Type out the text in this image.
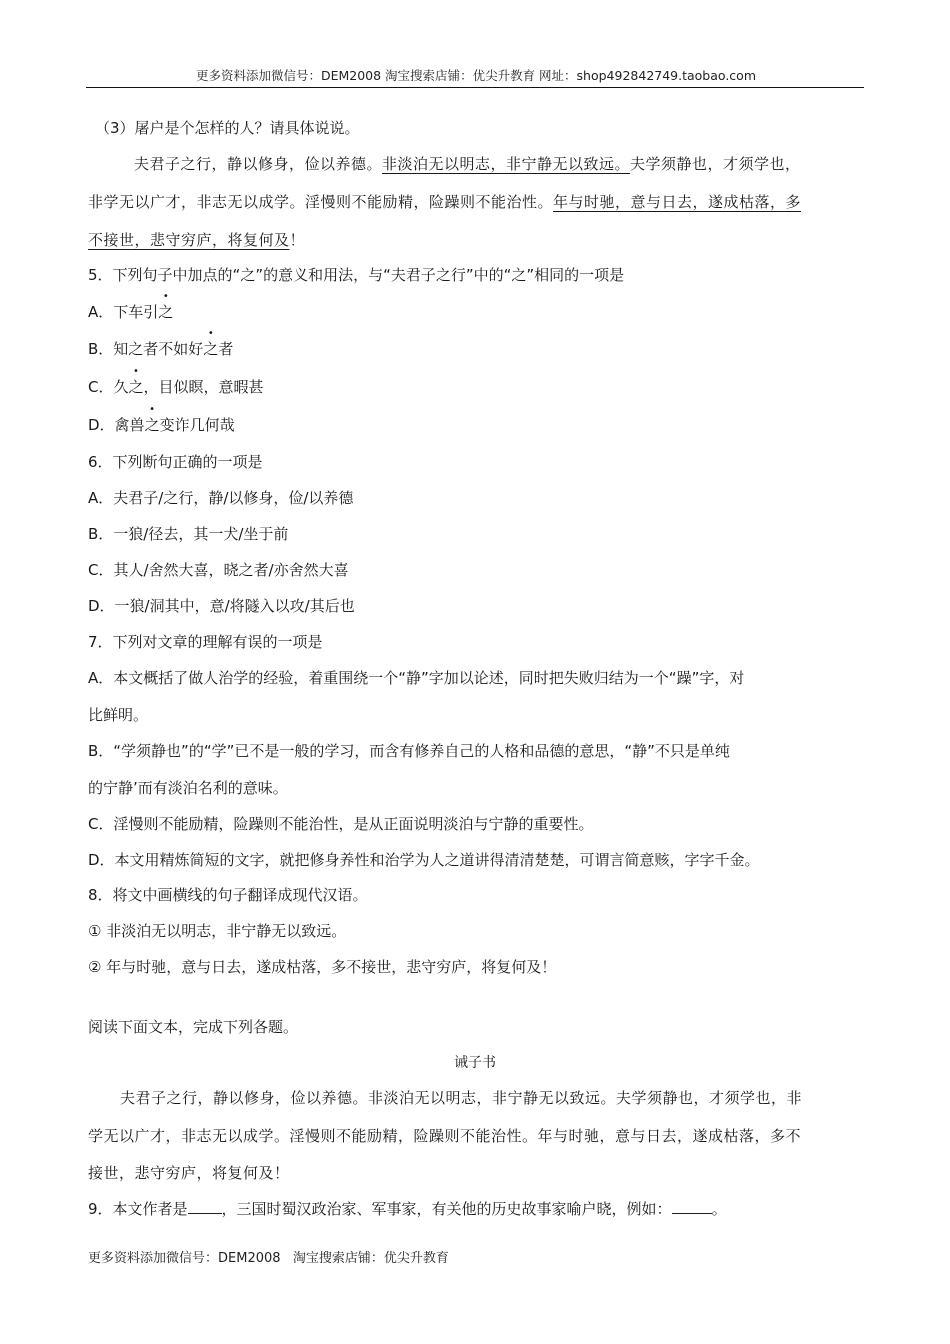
更多资料添加微信号：DEM2008 淘宝搜索店铺：优尖升教育 网址：shop492842749.taobao.com
（3）屠户是个怎样的人？请具体说说。
夫君子之行，静以修身，俭以养德。非淡泊无以明志，非宁静无以致远。夫学须静也，才须学也，
非学无以广才，非志无以成学。淫慢则不能励精，险躁则不能治性。年与时驰，意与日去，遂成枯落，多
不接世，悲守穷庐，将复何及！
5．下列句子中加点的“之”的意义和用法，与“夫君子之行”中的“之”相同的一项是
A．下车引之
B．知之者不如好之者
C．久之，目似瞑，意暇甚
D．禽兽之变诈几何哉
6．下列断句正确的一项是
A．夫君子/之行，静/以修身，俭/以养德
B．一狼/径去，其一犬/坐于前
C．其人/舍然大喜，晓之者/亦舍然大喜
D．一狼/洞其中，意/将隧入以攻/其后也
7．下列对文章的理解有误的一项是
A．本文概括了做人治学的经验，着重围绕一个“静”字加以论述，同时把失败归结为一个“躁”字，对
比鲜明。
B．“学须静也”的“学”已不是一般的学习，而含有修养自己的人格和品德的意思，“静”不只是单纯
的宁静’而有淡泊名利的意味。
C．淫慢则不能励精，险躁则不能治性，是从正面说明淡泊与宁静的重要性。
D．本文用精炼简短的文字，就把修身养性和治学为人之道讲得清清楚楚，可谓言简意赅，字字千金。
8．将文中画横线的句子翻译成现代汉语。
① 非淡泊无以明志，非宁静无以致远。
② 年与时驰，意与日去，遂成枯落，多不接世，悲守穷庐，将复何及！
阅读下面文本，完成下列各题。
诫子书
夫君子之行，静以修身，俭以养德。非淡泊无以明志，非宁静无以致远。夫学须静也，才须学也，非
学无以广才，非志无以成学。淫慢则不能励精，险躁则不能治性。年与时驰，意与日去，遂成枯落，多不
接世，悲守穷庐，将复何及！
9．本文作者是 ，三国时蜀汉政治家、军事家，有关他的历史故事家喻户晓，例如：	。
更多资料添加微信号：DEM2008   淘宝搜索店铺：优尖升教育
